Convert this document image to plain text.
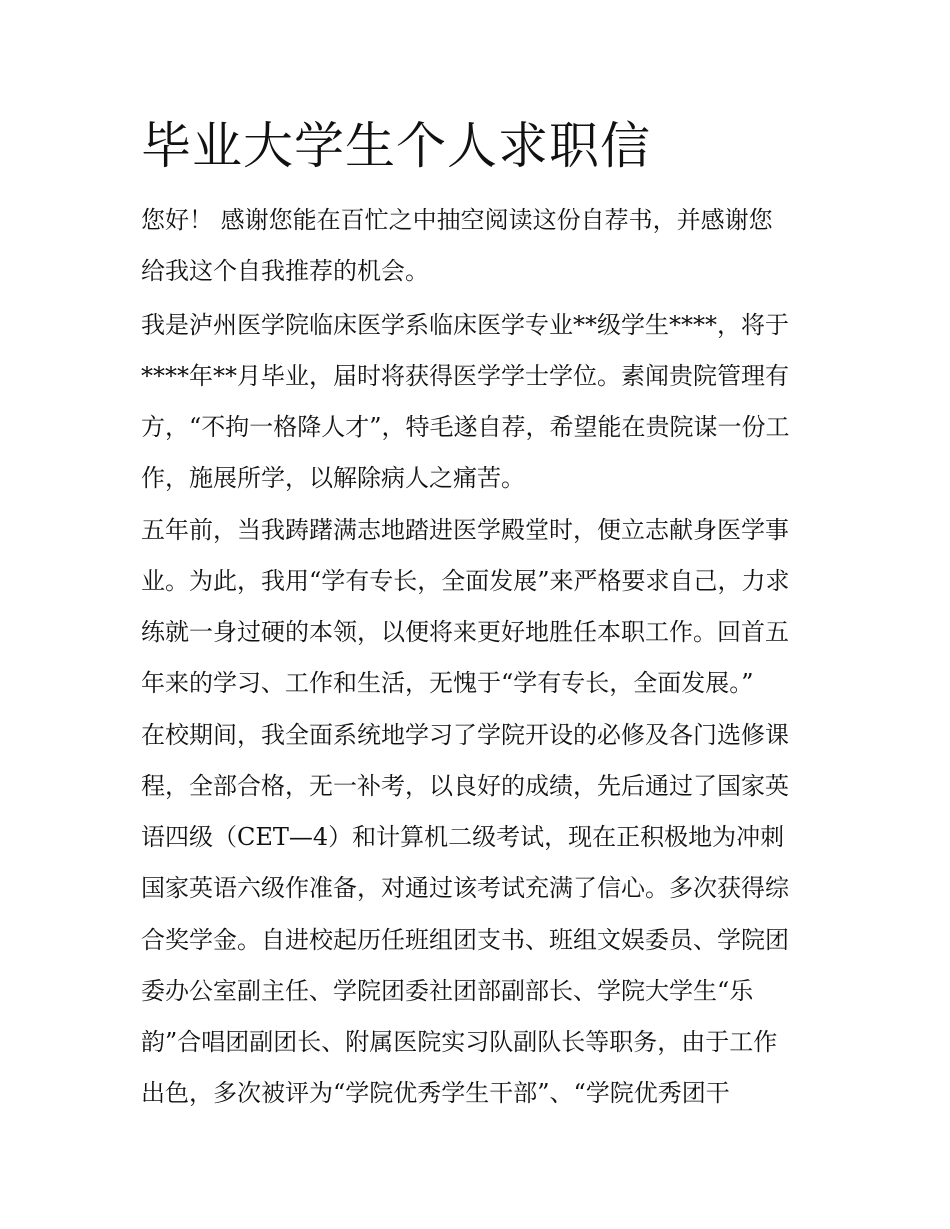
毕业大学生个人求职信

您好！ 感谢您能在百忙之中抽空阅读这份自荐书，并感谢您

给我这个自我推荐的机会。

我是泸州医学院临床医学系临床医学专业**级学生****，将于

****年**月毕业，届时将获得医学学士学位。素闻贵院管理有

方，“不拘一格降人才”，特毛遂自荐，希望能在贵院谋一份工

作，施展所学，以解除病人之痛苦。

五年前，当我踌躇满志地踏进医学殿堂时，便立志献身医学事

业。为此，我用“学有专长，全面发展”来严格要求自己，力求

练就一身过硬的本领，以便将来更好地胜任本职工作。回首五

年来的学习、工作和生活，无愧于“学有专长，全面发展。”

在校期间，我全面系统地学习了学院开设的必修及各门选修课

程，全部合格，无一补考，以良好的成绩，先后通过了国家英

语四级（CET—4）和计算机二级考试，现在正积极地为冲刺

国家英语六级作准备，对通过该考试充满了信心。多次获得综

合奖学金。自进校起历任班组团支书、班组文娱委员、学院团

委办公室副主任、学院团委社团部副部长、学院大学生“乐

韵”合唱团副团长、附属医院实习队副队长等职务，由于工作

出色，多次被评为“学院优秀学生干部”、“学院优秀团干
